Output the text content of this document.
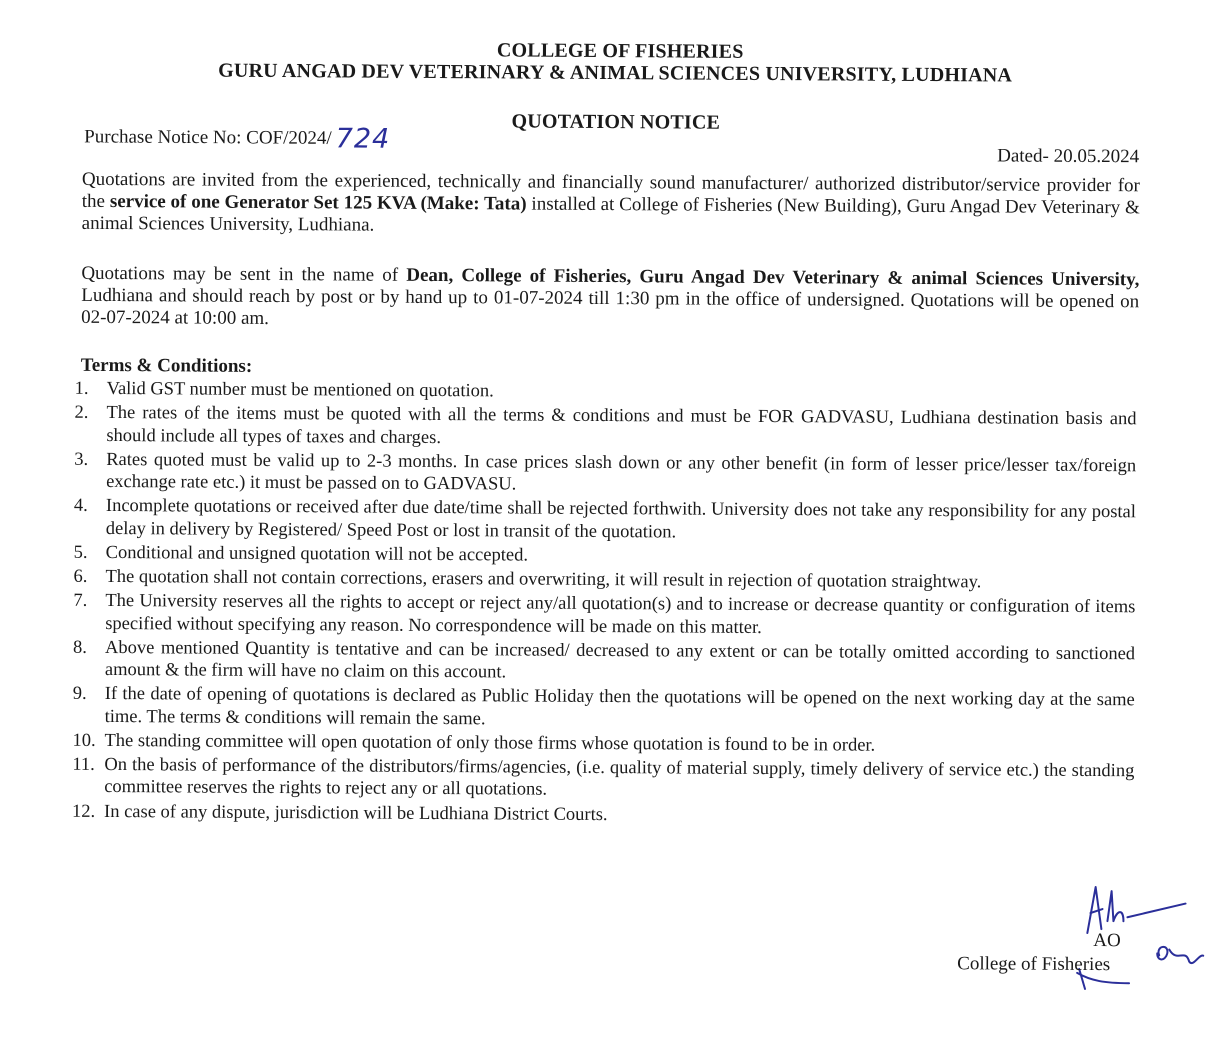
COLLEGE OF FISHERIES
GURU ANGAD DEV VETERINARY & ANIMAL SCIENCES UNIVERSITY, LUDHIANA
QUOTATION NOTICE
Purchase Notice No: COF/2024/ 724
Dated- 20.05.2024
Quotations are invited from the experienced, technically and financially sound manufacturer/ authorized distributor/service provider for the service of one Generator Set 125 KVA (Make: Tata) installed at College of Fisheries (New Building), Guru Angad Dev Veterinary & animal Sciences University, Ludhiana.
Quotations may be sent in the name of Dean, College of Fisheries, Guru Angad Dev Veterinary & animal Sciences University, Ludhiana and should reach by post or by hand up to 01-07-2024 till 1:30 pm in the office of undersigned. Quotations will be opened on 02-07-2024 at 10:00 am.
Terms & Conditions:
1. Valid GST number must be mentioned on quotation.
2. The rates of the items must be quoted with all the terms & conditions and must be FOR GADVASU, Ludhiana destination basis and should include all types of taxes and charges.
3. Rates quoted must be valid up to 2-3 months. In case prices slash down or any other benefit (in form of lesser price/lesser tax/foreign exchange rate etc.) it must be passed on to GADVASU.
4. Incomplete quotations or received after due date/time shall be rejected forthwith. University does not take any responsibility for any postal delay in delivery by Registered/ Speed Post or lost in transit of the quotation.
5. Conditional and unsigned quotation will not be accepted.
6. The quotation shall not contain corrections, erasers and overwriting, it will result in rejection of quotation straightway.
7. The University reserves all the rights to accept or reject any/all quotation(s) and to increase or decrease quantity or configuration of items specified without specifying any reason. No correspondence will be made on this matter.
8. Above mentioned Quantity is tentative and can be increased/ decreased to any extent or can be totally omitted according to sanctioned amount & the firm will have no claim on this account.
9. If the date of opening of quotations is declared as Public Holiday then the quotations will be opened on the next working day at the same time. The terms & conditions will remain the same.
10. The standing committee will open quotation of only those firms whose quotation is found to be in order.
11. On the basis of performance of the distributors/firms/agencies, (i.e. quality of material supply, timely delivery of service etc.) the standing committee reserves the rights to reject any or all quotations.
12. In case of any dispute, jurisdiction will be Ludhiana District Courts.
AO
College of Fisheries
